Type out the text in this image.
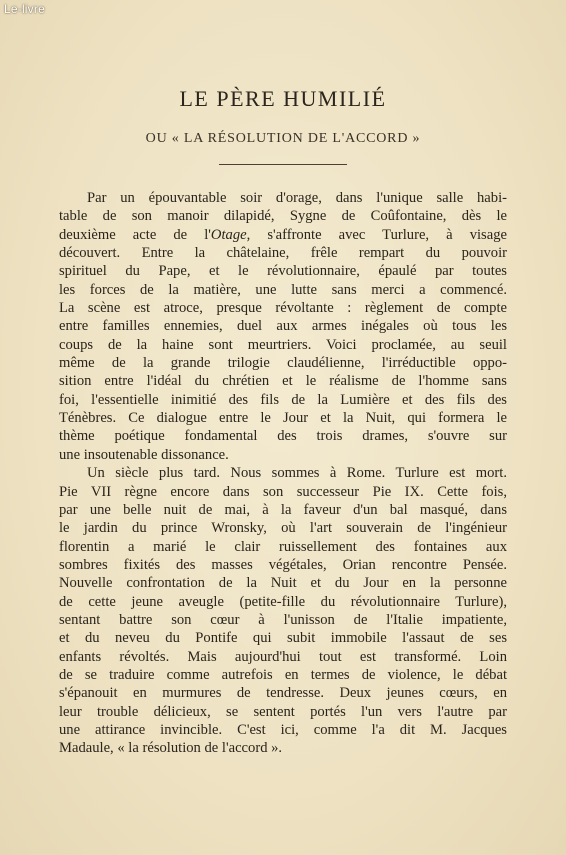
Le-livre
LE PÈRE HUMILIÉ
OU « LA RÉSOLUTION DE L'ACCORD »
Par un épouvantable soir d'orage, dans l'unique salle habi-
table de son manoir dilapidé, Sygne de Coûfontaine, dès le
deuxième acte de l'Otage, s'affronte avec Turlure, à visage
découvert. Entre la châtelaine, frêle rempart du pouvoir
spirituel du Pape, et le révolutionnaire, épaulé par toutes
les forces de la matière, une lutte sans merci a commencé.
La scène est atroce, presque révoltante : règlement de compte
entre familles ennemies, duel aux armes inégales où tous les
coups de la haine sont meurtriers. Voici proclamée, au seuil
même de la grande trilogie claudélienne, l'irréductible oppo-
sition entre l'idéal du chrétien et le réalisme de l'homme sans
foi, l'essentielle inimitié des fils de la Lumière et des fils des
Ténèbres. Ce dialogue entre le Jour et la Nuit, qui formera le
thème poétique fondamental des trois drames, s'ouvre sur
une insoutenable dissonance.
Un siècle plus tard. Nous sommes à Rome. Turlure est mort.
Pie VII règne encore dans son successeur Pie IX. Cette fois,
par une belle nuit de mai, à la faveur d'un bal masqué, dans
le jardin du prince Wronsky, où l'art souverain de l'ingénieur
florentin a marié le clair ruissellement des fontaines aux
sombres fixités des masses végétales, Orian rencontre Pensée.
Nouvelle confrontation de la Nuit et du Jour en la personne
de cette jeune aveugle (petite-fille du révolutionnaire Turlure),
sentant battre son cœur à l'unisson de l'Italie impatiente,
et du neveu du Pontife qui subit immobile l'assaut de ses
enfants révoltés. Mais aujourd'hui tout est transformé. Loin
de se traduire comme autrefois en termes de violence, le débat
s'épanouit en murmures de tendresse. Deux jeunes cœurs, en
leur trouble délicieux, se sentent portés l'un vers l'autre par
une attirance invincible. C'est ici, comme l'a dit M. Jacques
Madaule, « la résolution de l'accord ».
